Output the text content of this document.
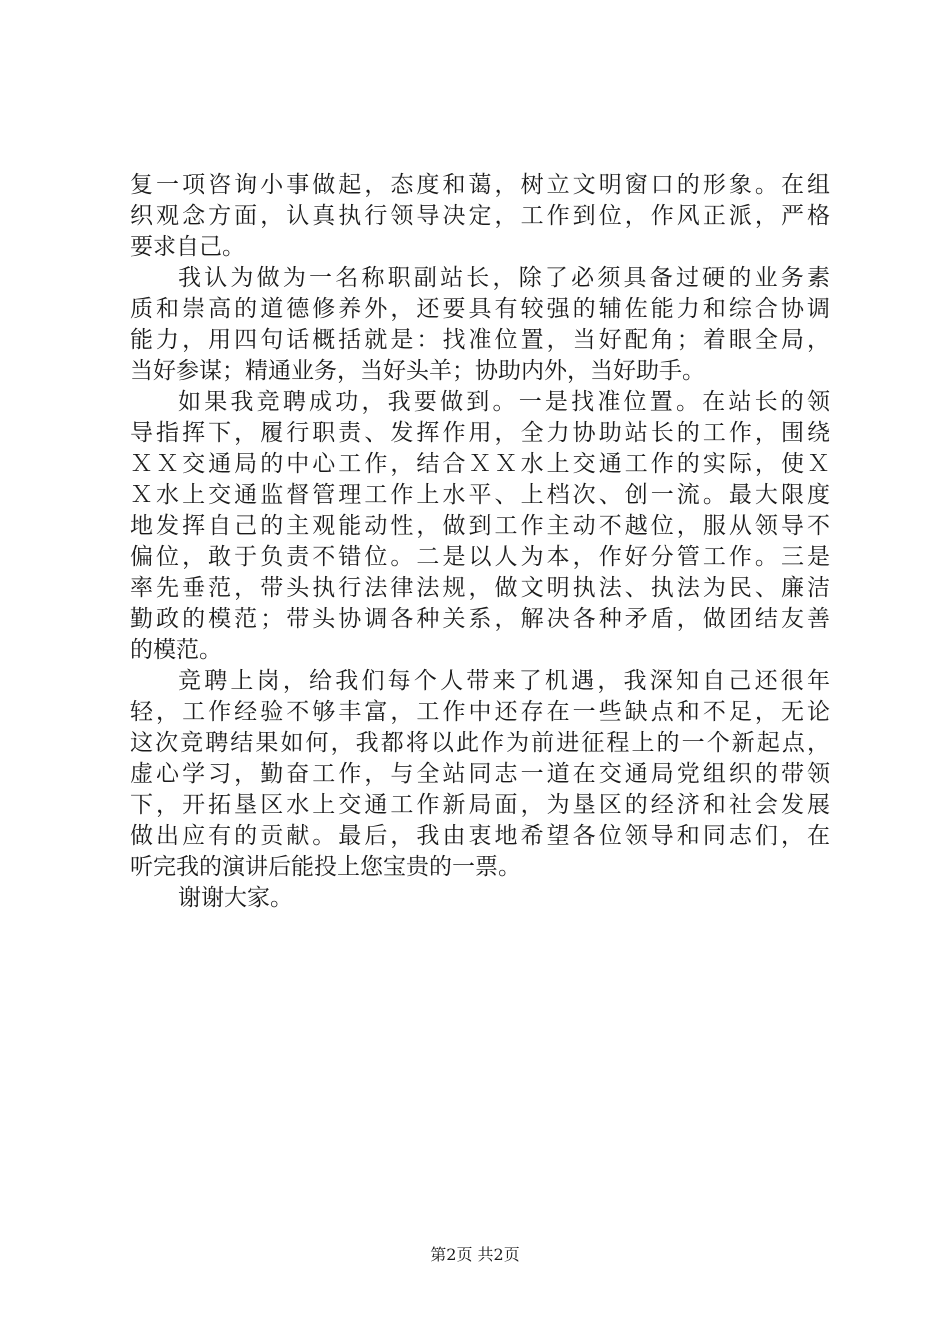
复一项咨询小事做起，态度和蔼，树立文明窗口的形象。在组
织观念方面，认真执行领导决定，工作到位，作风正派，严格
要求自己。
我认为做为一名称职副站长，除了必须具备过硬的业务素
质和崇高的道德修养外，还要具有较强的辅佐能力和综合协调
能力，用四句话概括就是：找准位置，当好配角；着眼全局，
当好参谋；精通业务，当好头羊；协助内外，当好助手。
如果我竞聘成功，我要做到。一是找准位置。在站长的领
导指挥下，履行职责、发挥作用，全力协助站长的工作，围绕
ＸＸ交通局的中心工作，结合ＸＸ水上交通工作的实际，使Ｘ
Ｘ水上交通监督管理工作上水平、上档次、创一流。最大限度
地发挥自己的主观能动性，做到工作主动不越位，服从领导不
偏位，敢于负责不错位。二是以人为本，作好分管工作。三是
率先垂范，带头执行法律法规，做文明执法、执法为民、廉洁
勤政的模范；带头协调各种关系，解决各种矛盾，做团结友善
的模范。
竞聘上岗，给我们每个人带来了机遇，我深知自己还很年
轻，工作经验不够丰富，工作中还存在一些缺点和不足，无论
这次竞聘结果如何，我都将以此作为前进征程上的一个新起点，
虚心学习，勤奋工作，与全站同志一道在交通局党组织的带领
下，开拓垦区水上交通工作新局面，为垦区的经济和社会发展
做出应有的贡献。最后，我由衷地希望各位领导和同志们，在
听完我的演讲后能投上您宝贵的一票。
谢谢大家。
第2页 共2页
